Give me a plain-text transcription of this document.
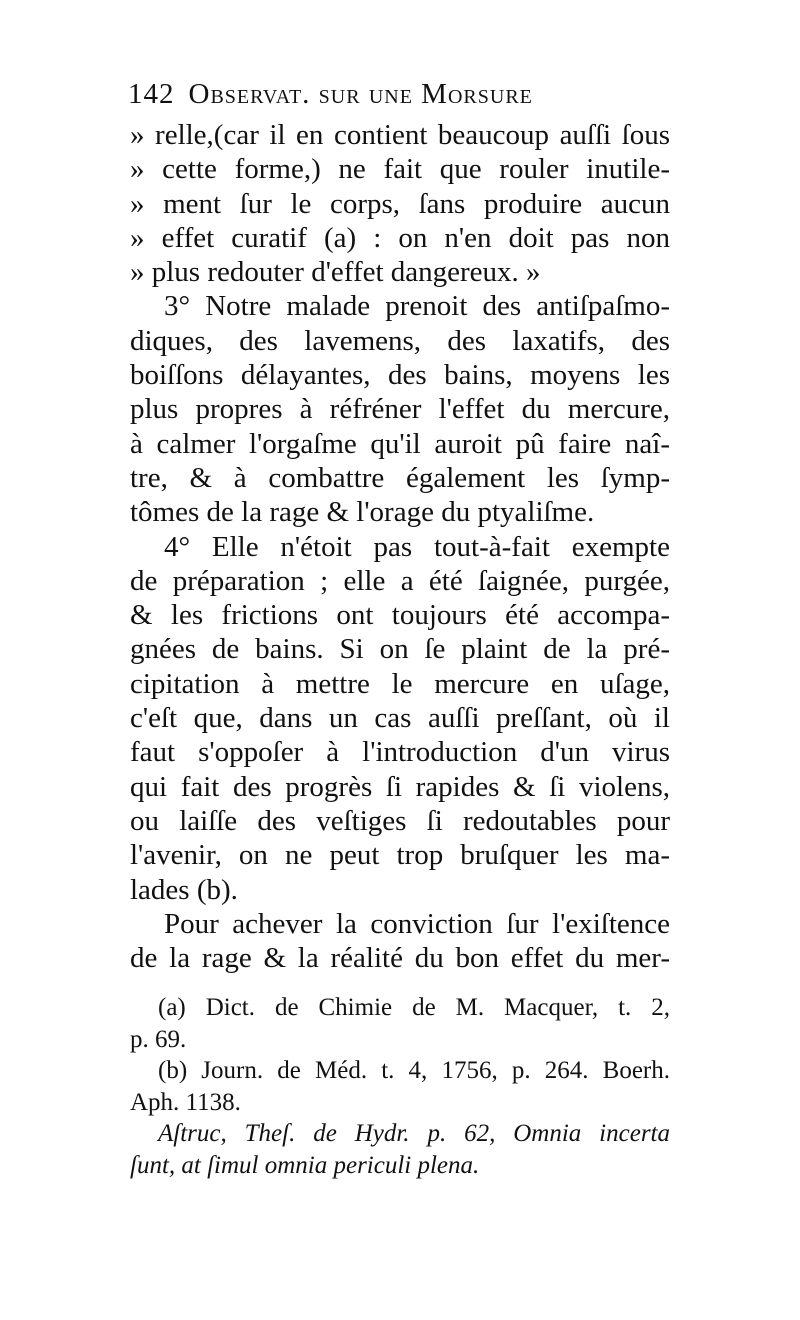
142 Observat. sur une Morsure
» relle,(car il en contient beaucoup auſſi ſous
» cette forme,) ne fait que rouler inutile-
» ment ſur le corps, ſans produire aucun
» effet curatif (a) : on n'en doit pas non
» plus redouter d'effet dangereux. »
3° Notre malade prenoit des antiſpaſmo-
diques, des lavemens, des laxatifs, des
boiſſons délayantes, des bains, moyens les
plus propres à réfréner l'effet du mercure,
à calmer l'orgaſme qu'il auroit pû faire naî-
tre, & à combattre également les ſymp-
tômes de la rage & l'orage du ptyaliſme.
4° Elle n'étoit pas tout-à-fait exempte
de préparation ; elle a été ſaignée, purgée,
& les frictions ont toujours été accompa-
gnées de bains. Si on ſe plaint de la pré-
cipitation à mettre le mercure en uſage,
c'eſt que, dans un cas auſſi preſſant, où il
faut s'oppoſer à l'introduction d'un virus
qui fait des progrès ſi rapides & ſi violens,
ou laiſſe des veſtiges ſi redoutables pour
l'avenir, on ne peut trop bruſquer les ma-
lades (b).
Pour achever la conviction ſur l'exiſtence
de la rage & la réalité du bon effet du mer-
(a) Dict. de Chimie de M. Macquer, t. 2,
p. 69.
(b) Journ. de Méd. t. 4, 1756, p. 264. Boerh.
Aph. 1138.
Aſtruc, Theſ. de Hydr. p. 62, Omnia incerta
ſunt, at ſimul omnia periculi plena.
